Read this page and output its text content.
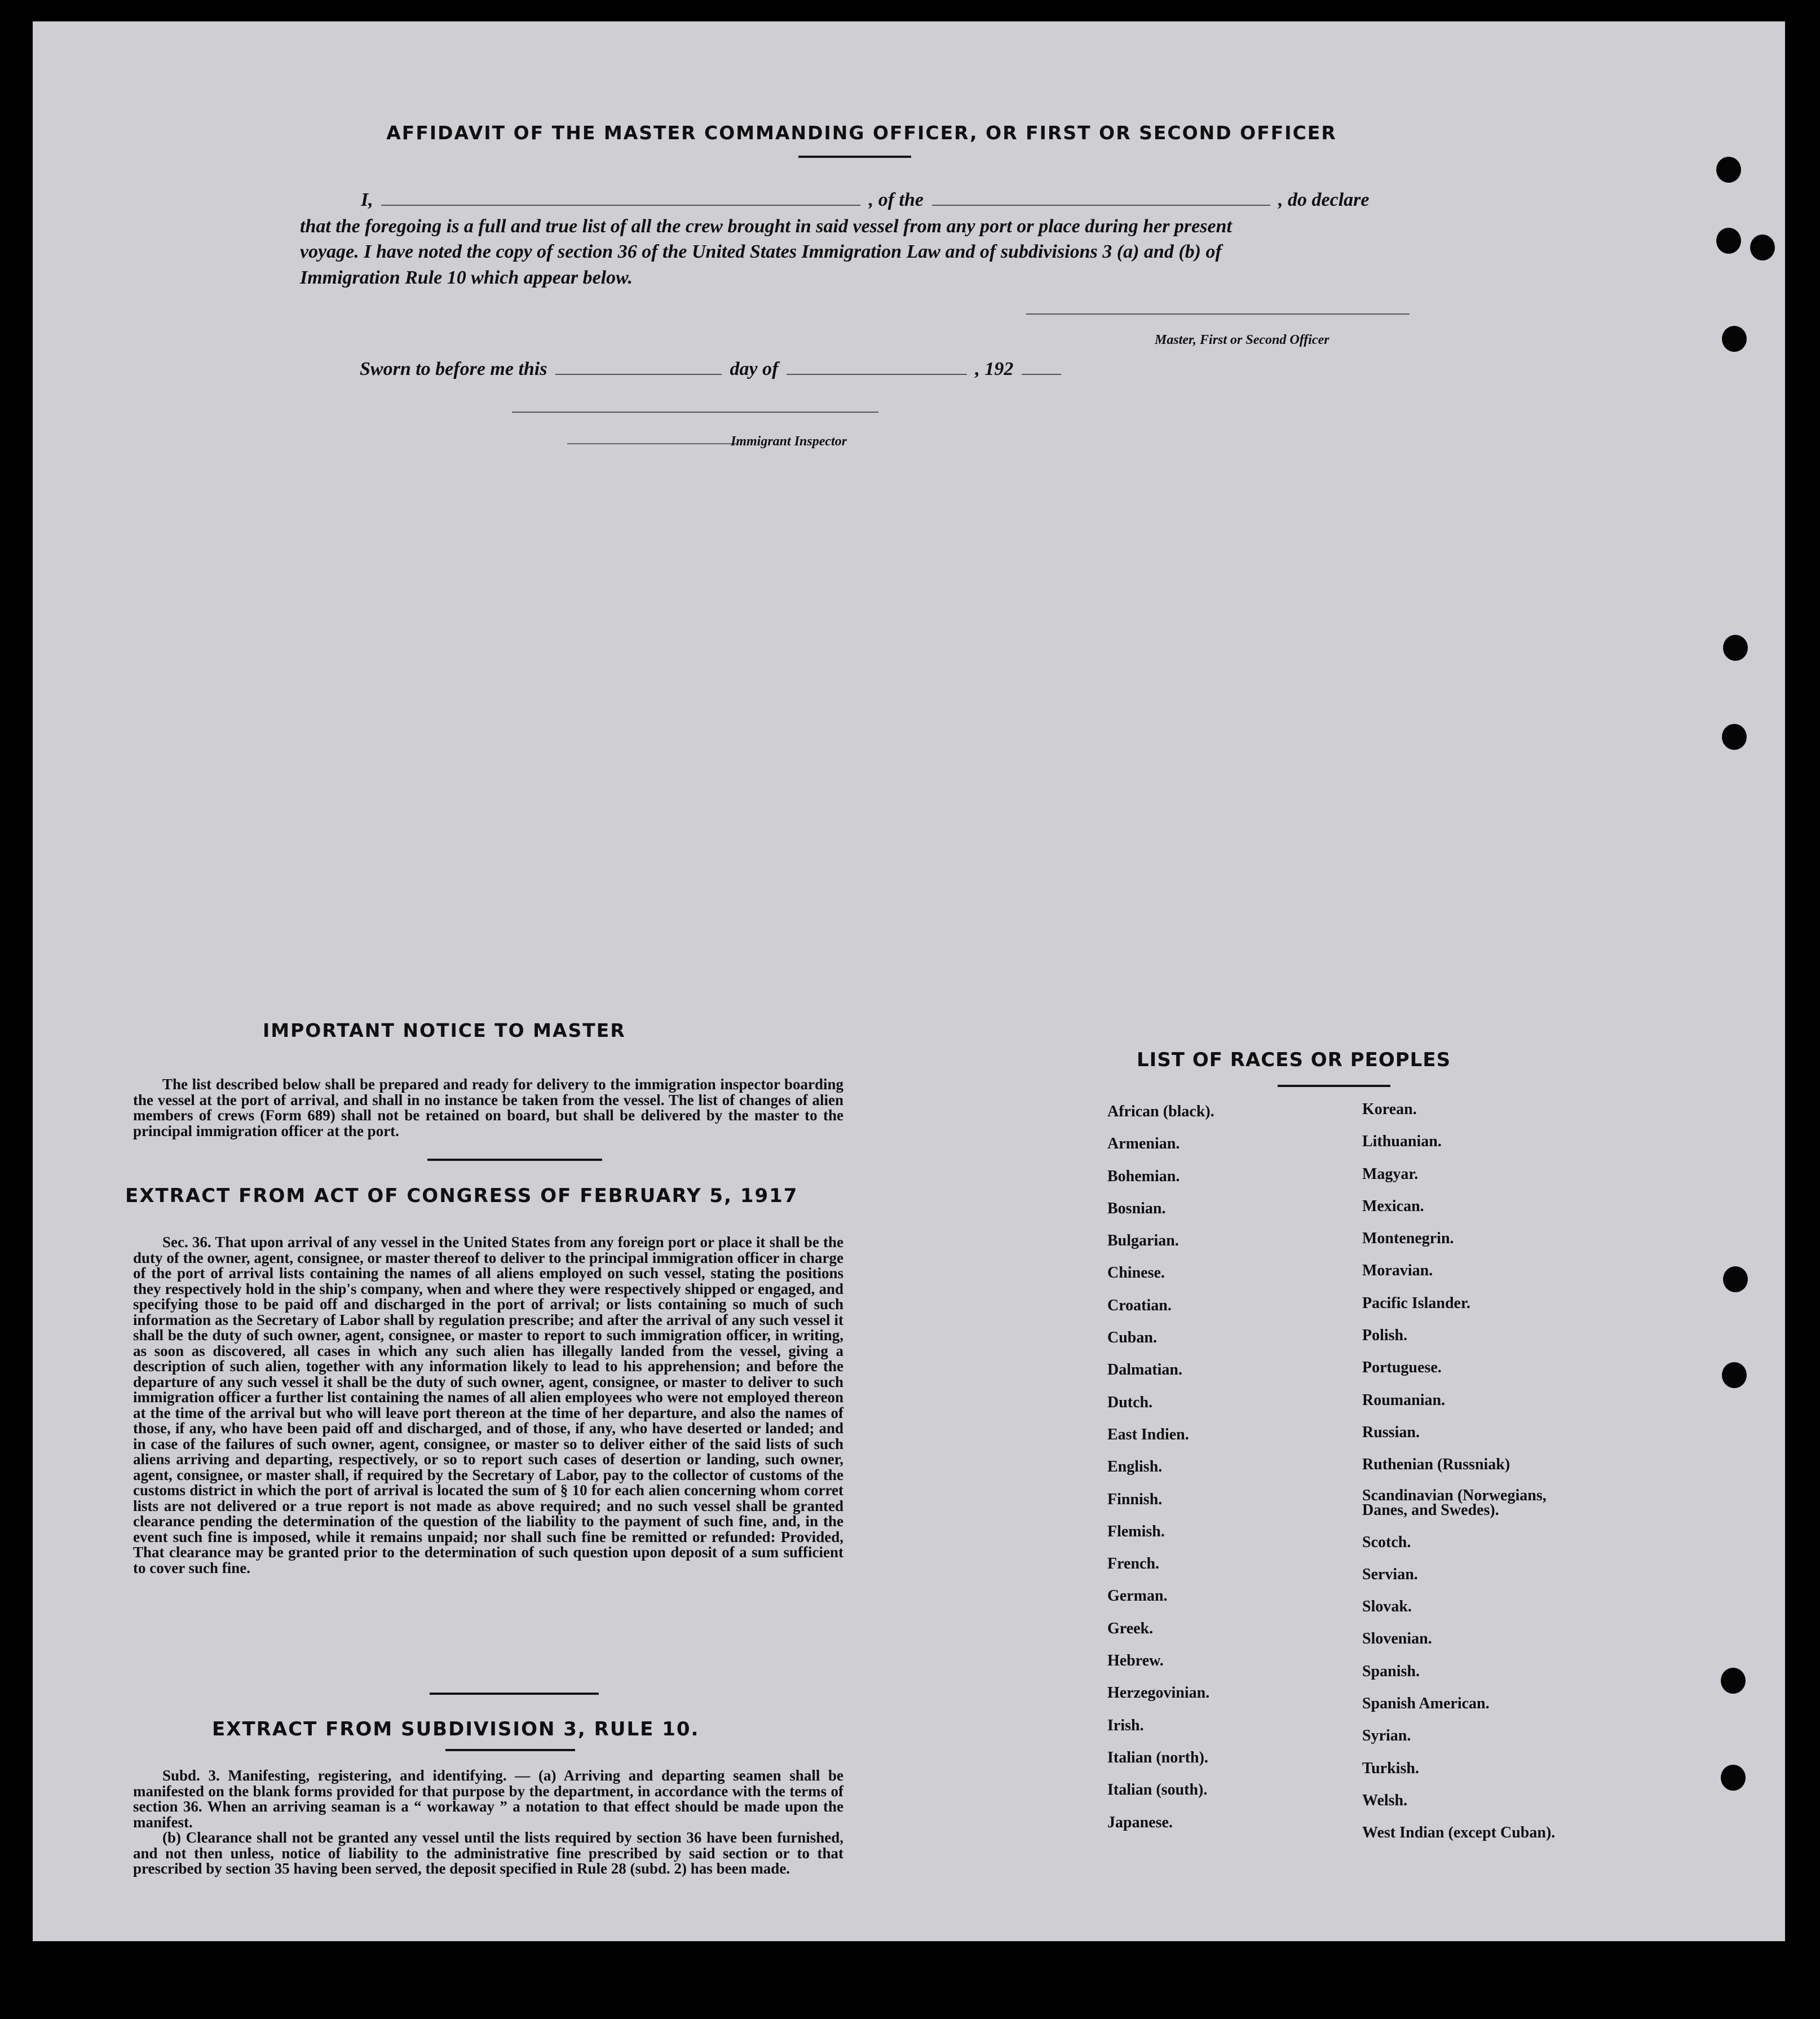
AFFIDAVIT OF THE MASTER COMMANDING OFFICER, OR FIRST OR SECOND OFFICER
I,	, of the	, do declare
that the foregoing is a full and true list of all the crew brought in said vessel from any port or place during her present
voyage. I have noted the copy of section 36 of the United States Immigration Law and of subdivisions 3 (a) and (b) of
Immigration Rule 10 which appear below.
Master, First or Second Officer
Sworn to before me this	day of	, 192
Immigrant Inspector
IMPORTANT NOTICE TO MASTER

The list described below shall be prepared and ready for delivery to the immigration inspector boarding the vessel at the port of arrival, and shall in no instance be taken from the vessel. The list of changes of alien members of crews (Form 689) shall not be retained on board, but shall be delivered by the master to the principal immigration officer at the port.

EXTRACT FROM ACT OF CONGRESS OF FEBRUARY 5, 1917

Sec. 36. That upon arrival of any vessel in the United States from any foreign port or place it shall be the duty of the owner, agent, consignee, or master thereof to deliver to the principal immigration officer in charge of the port of arrival lists containing the names of all aliens employed on such vessel, stating the positions they respectively hold in the ship's company, when and where they were respectively shipped or engaged, and specifying those to be paid off and discharged in the port of arrival; or lists containing so much of such information as the Secretary of Labor shall by regulation prescribe; and after the arrival of any such vessel it shall be the duty of such owner, agent, consignee, or master to report to such immigration officer, in writing, as soon as discovered, all cases in which any such alien has illegally landed from the vessel, giving a description of such alien, together with any information likely to lead to his apprehension; and before the departure of any such vessel it shall be the duty of such owner, agent, consignee, or master to deliver to such immigration officer a further list containing the names of all alien employees who were not employed thereon at the time of the arrival but who will leave port thereon at the time of her departure, and also the names of those, if any, who have been paid off and discharged, and of those, if any, who have deserted or landed; and in case of the failures of such owner, agent, consignee, or master so to deliver either of the said lists of such aliens arriving and departing, respectively, or so to report such cases of desertion or landing, such owner, agent, consignee, or master shall, if required by the Secretary of Labor, pay to the collector of customs of the customs district in which the port of arrival is located the sum of § 10 for each alien concerning whom corret lists are not delivered or a true report is not made as above required; and no such vessel shall be granted clearance pending the determination of the question of the liability to the payment of such fine, and, in the event such fine is imposed, while it remains unpaid; nor shall such fine be remitted or refunded: Provided, That clearance may be granted prior to the determination of such question upon deposit of a sum sufficient to cover such fine.

EXTRACT FROM SUBDIVISION 3, RULE 10.

Subd. 3. Manifesting, registering, and identifying. — (a) Arriving and departing seamen shall be manifested on the blank forms provided for that purpose by the department, in accordance with the terms of section 36. When an arriving seaman is a “ workaway ” a notation to that effect should be made upon the manifest.

(b) Clearance shall not be granted any vessel until the lists required by section 36 have been furnished, and not then unless, notice of liability to the administrative fine prescribed by said section or to that prescribed by section 35 having been served, the deposit specified in Rule 28 (subd. 2) has been made.

LIST OF RACES OR PEOPLES
African (black).
Armenian.
Bohemian.
Bosnian.
Bulgarian.
Chinese.
Croatian.
Cuban.
Dalmatian.
Dutch.
East Indien.
English.
Finnish.
Flemish.
French.
German.
Greek.
Hebrew.
Herzegovinian.
Irish.
Italian (north).
Italian (south).
Japanese.
Korean.
Lithuanian.
Magyar.
Mexican.
Montenegrin.
Moravian.
Pacific Islander.
Polish.
Portuguese.
Roumanian.
Russian.
Ruthenian (Russniak)
Scandinavian (Norwegians, Danes, and Swedes).
Scotch.
Servian.
Slovak.
Slovenian.
Spanish.
Spanish American.
Syrian.
Turkish.
Welsh.
West Indian (except Cuban).
